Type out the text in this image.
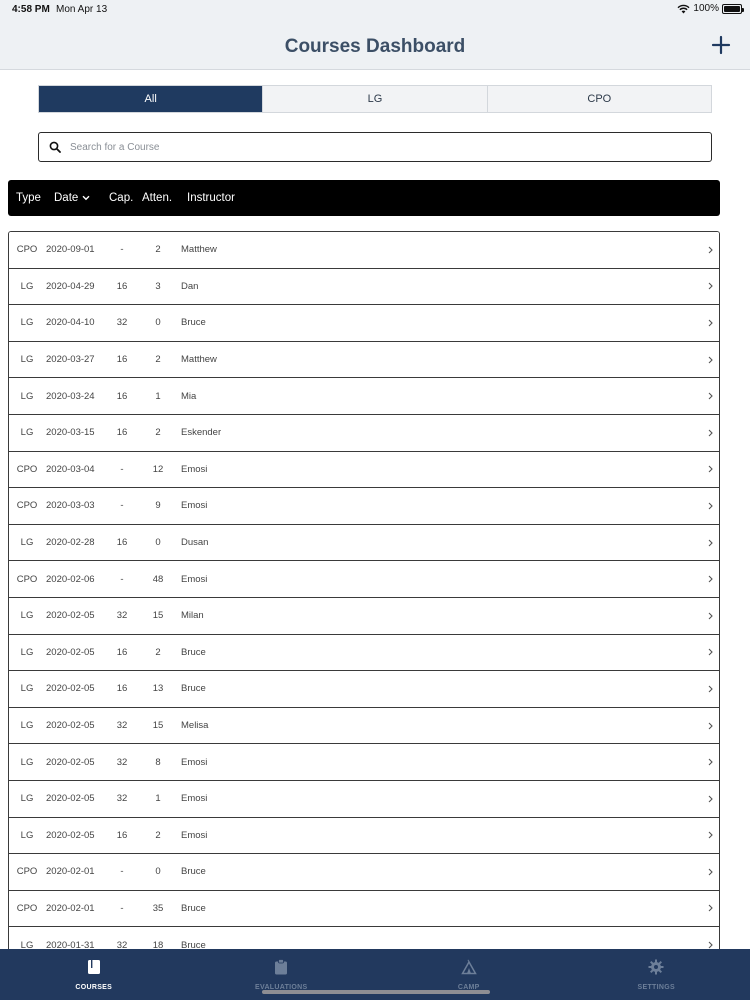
4:58 PM Mon Apr 13	100%
Courses Dashboard
All	LG	CPO
Search for a Course
Type Date	Cap. Atten. Instructor
CPO 2020-09-01	-	2	Matthew
LG	2020-04-29	16	3	Dan
LG	2020-04-10	32	0	Bruce
LG	2020-03-27	16	2	Matthew
LG	2020-03-24	16	1	Mia
LG	2020-03-15	16	2	Eskender
CPO 2020-03-04	-	12	Emosi
CPO 2020-03-03	-	9	Emosi
LG	2020-02-28	16	0	Dusan
CPO 2020-02-06	-	48	Emosi
LG	2020-02-05	32	15	Milan
LG	2020-02-05	16	2	Bruce
LG	2020-02-05	16	13	Bruce
LG	2020-02-05	32	15	Melisa
LG	2020-02-05	32	8	Emosi
LG	2020-02-05	32	1	Emosi
LG	2020-02-05	16	2	Emosi
CPO 2020-02-01	-	0	Bruce
CPO 2020-02-01	-	35	Bruce
LG	2020-01-31	32	18	Bruce
COURSES	EVALUATIONS	CAMP	SETTINGS
